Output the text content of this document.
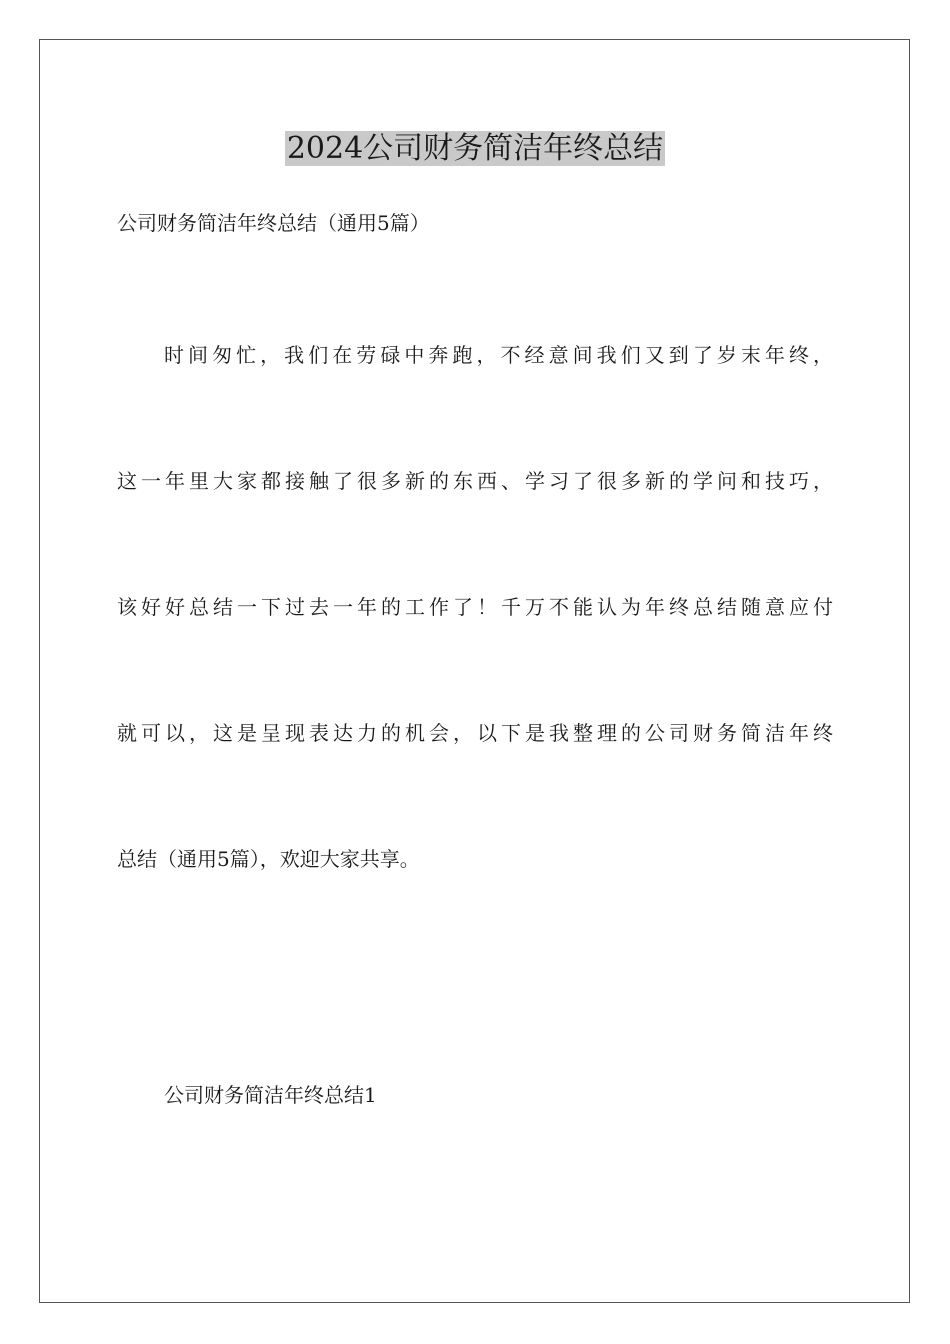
2024公司财务简洁年终总结

公司财务简洁年终总结（通用5篇）

时间匆忙，我们在劳碌中奔跑，不经意间我们又到了岁末年终，
这一年里大家都接触了很多新的东西、学习了很多新的学问和技巧，
该好好总结一下过去一年的工作了！千万不能认为年终总结随意应付
就可以，这是呈现表达力的机会，以下是我整理的公司财务简洁年终
总结（通用5篇），欢迎大家共享。
公司财务简洁年终总结1
